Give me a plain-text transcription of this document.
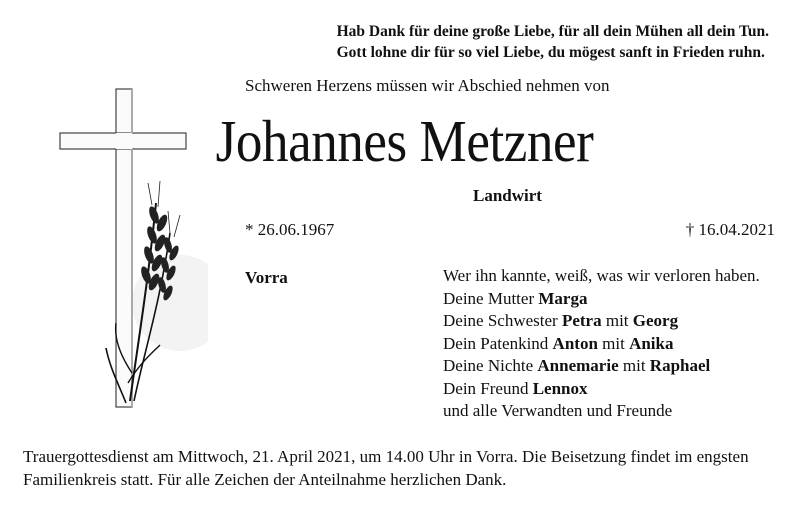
Hab Dank für deine große Liebe, für all dein Mühen all dein Tun.
Gott lohne dir für so viel Liebe, du mögest sanft in Frieden ruhn.
Schweren Herzens müssen wir Abschied nehmen von
Johannes Metzner
Landwirt
* 26.06.1967	† 16.04.2021
Vorra	Wer ihn kannte, weiß, was wir verloren haben.
Deine Mutter Marga
Deine Schwester Petra mit Georg
Dein Patenkind Anton mit Anika
Deine Nichte Annemarie mit Raphael
Dein Freund Lennox
und alle Verwandten und Freunde
Trauergottesdienst am Mittwoch, 21. April 2021, um 14.00 Uhr in Vorra. Die Beisetzung findet im engsten Familienkreis statt. Für alle Zeichen der Anteilnahme herzlichen Dank.
